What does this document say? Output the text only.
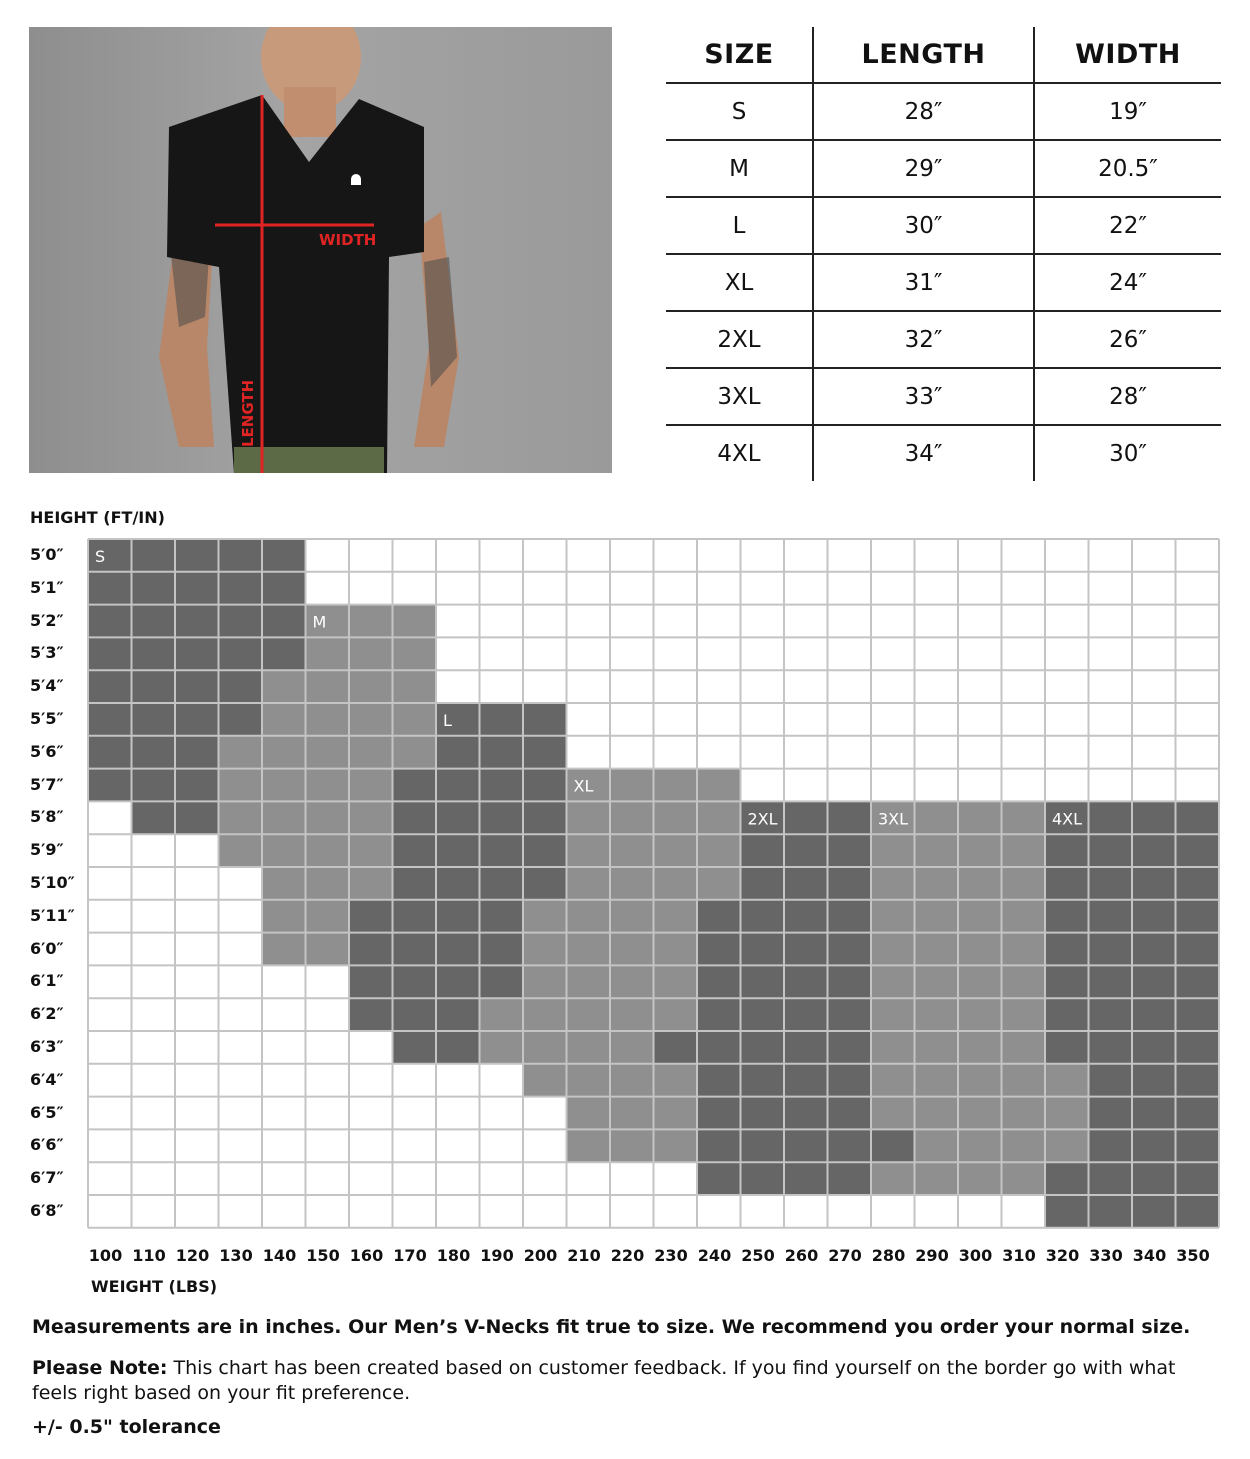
WIDTH
LENGTH
SIZE	LENGTH	WIDTH
S	28″	19″
M	29″	20.5″
L	30″	22″
XL	31″	24″
2XL	32″	26″
3XL	33″	28″
4XL	34″	30″
HEIGHT (FT/IN)
5′0″
5′1″
5′2″
5′3″
5′4″
5′5″
5′6″
5′7″
5′8″
5′9″
5′10″
5′11″
6′0″
6′1″
6′2″
6′3″
6′4″
6′5″
6′6″
6′7″
6′8″
S
M
L
XL
2XL	3XL	4XL
100 110 120 130 140 150 160 170 180 190 200 210 220 230 240 250 260 270 280 290 300 310 320 330 340 350
WEIGHT (LBS)
Measurements are in inches. Our Men’s V-Necks fit true to size. We recommend you order your normal size.
Please Note: This chart has been created based on customer feedback. If you find yourself on the border go with what feels right based on your fit preference.
+/- 0.5" tolerance
